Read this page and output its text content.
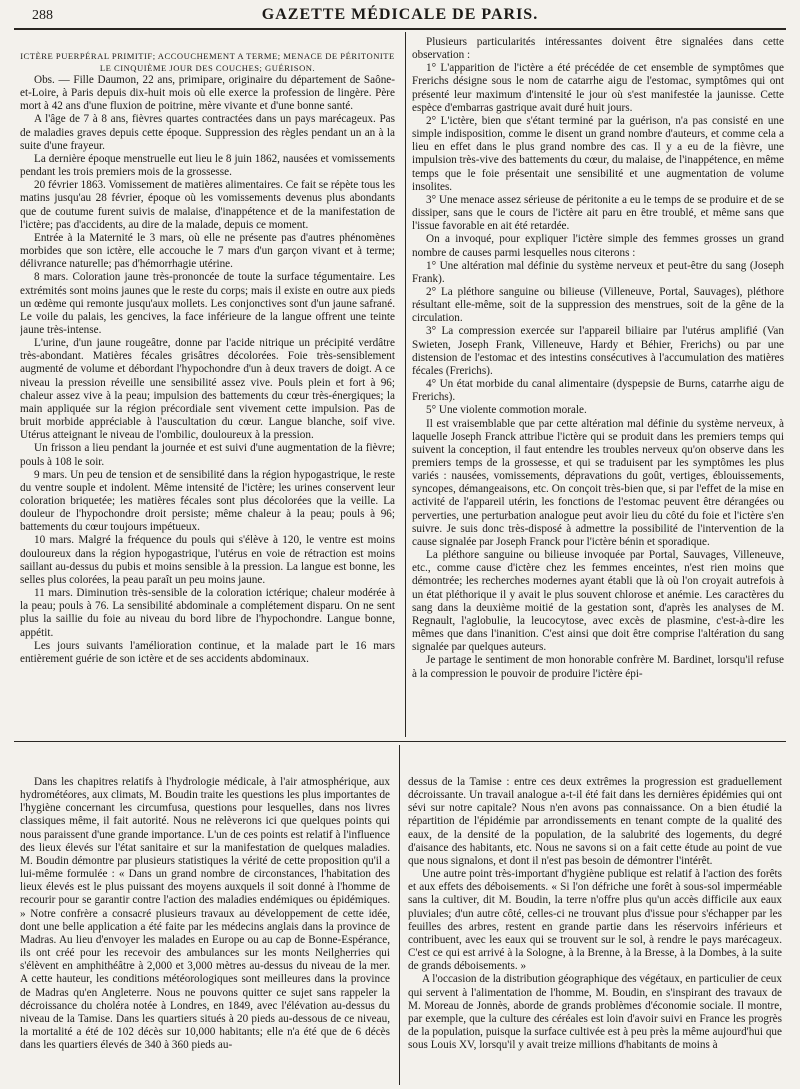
288	GAZETTE MÉDICALE DE PARIS.

ICTÈRE PUERPÉRAL PRIMITIF; ACCOUCHEMENT A TERME; MENACE DE PÉRITONITE LE CINQUIÈME JOUR DES COUCHES; GUÉRISON.

Obs. — Fille Daumon, 22 ans, primipare, originaire du département de Saône-et-Loire, à Paris depuis dix-huit mois où elle exerce la profession de lingère. Père mort à 42 ans d'une fluxion de poitrine, mère vivante et d'une bonne santé.

A l'âge de 7 à 8 ans, fièvres quartes contractées dans un pays marécageux. Pas de maladies graves depuis cette époque. Suppression des règles pendant un an à la suite d'une frayeur.

La dernière époque menstruelle eut lieu le 8 juin 1862, nausées et vomissements pendant les trois premiers mois de la grossesse.

20 février 1863. Vomissement de matières alimentaires. Ce fait se répète tous les matins jusqu'au 28 février, époque où les vomissements devenus plus abondants que de coutume furent suivis de malaise, d'inappétence et de la manifestation de l'ictère; pas d'accidents, au dire de la malade, depuis ce moment.

Entrée à la Maternité le 3 mars, où elle ne présente pas d'autres phénomènes morbides que son ictère, elle accouche le 7 mars d'un garçon vivant et à terme; délivrance naturelle; pas d'hémorrhagie utérine.

8 mars. Coloration jaune très-prononcée de toute la surface tégumentaire. Les extrémités sont moins jaunes que le reste du corps; mais il existe en outre aux pieds un œdème qui remonte jusqu'aux mollets. Les conjonctives sont d'un jaune safrané. Le voile du palais, les gencives, la face inférieure de la langue offrent une teinte jaune très-intense.

L'urine, d'un jaune rougeâtre, donne par l'acide nitrique un précipité verdâtre très-abondant. Matières fécales grisâtres décolorées. Foie très-sensiblement augmenté de volume et débordant l'hypochondre d'un à deux travers de doigt. A ce niveau la pression réveille une sensibilité assez vive. Pouls plein et fort à 96; chaleur assez vive à la peau; impulsion des battements du cœur très-énergiques; la main appliquée sur la région précordiale sent vivement cette impulsion. Pas de bruit morbide appréciable à l'auscultation du cœur. Langue blanche, soif vive. Utérus atteignant le niveau de l'ombilic, douloureux à la pression.

Un frisson a lieu pendant la journée et est suivi d'une augmentation de la fièvre; pouls à 108 le soir.

9 mars. Un peu de tension et de sensibilité dans la région hypogastrique, le reste du ventre souple et indolent. Même intensité de l'ictère; les urines conservent leur coloration briquetée; les matières fécales sont plus décolorées que la veille. La douleur de l'hypochondre droit persiste; même chaleur à la peau; pouls à 96; battements du cœur toujours impétueux.

10 mars. Malgré la fréquence du pouls qui s'élève à 120, le ventre est moins douloureux dans la région hypogastrique, l'utérus en voie de rétraction est moins saillant au-dessus du pubis et moins sensible à la pression. La langue est bonne, les selles plus colorées, la peau paraît un peu moins jaune.

11 mars. Diminution très-sensible de la coloration ictérique; chaleur modérée à la peau; pouls à 76. La sensibilité abdominale a complétement disparu. On ne sent plus la saillie du foie au niveau du bord libre de l'hypochondre. Langue bonne, appétit.

Les jours suivants l'amélioration continue, et la malade part le 16 mars entièrement guérie de son ictère et de ses accidents abdominaux.

Plusieurs particularités intéressantes doivent être signalées dans cette observation :

1° L'apparition de l'ictère a été précédée de cet ensemble de symptômes que Frerichs désigne sous le nom de catarrhe aigu de l'estomac, symptômes qui ont présenté leur maximum d'intensité le jour où s'est manifestée la jaunisse. Cette espèce d'embarras gastrique avait duré huit jours.

2° L'ictère, bien que s'étant terminé par la guérison, n'a pas consisté en une simple indisposition, comme le disent un grand nombre d'auteurs, et comme cela a lieu en effet dans le plus grand nombre des cas. Il y a eu de la fièvre, une impulsion très-vive des battements du cœur, du malaise, de l'inappétence, en même temps que le foie présentait une sensibilité et une augmentation de volume insolites.

3° Une menace assez sérieuse de péritonite a eu le temps de se produire et de se dissiper, sans que le cours de l'ictère ait paru en être troublé, et même sans que l'issue favorable en ait été retardée.

On a invoqué, pour expliquer l'ictère simple des femmes grosses un grand nombre de causes parmi lesquelles nous citerons :

1° Une altération mal définie du système nerveux et peut-être du sang (Joseph Frank).

2° La pléthore sanguine ou bilieuse (Villeneuve, Portal, Sauvages), pléthore résultant elle-même, soit de la suppression des menstrues, soit de la gêne de la circulation.

3° La compression exercée sur l'appareil biliaire par l'utérus amplifié (Van Swieten, Joseph Frank, Villeneuve, Hardy et Béhier, Frerichs) ou par une distension de l'estomac et des intestins consécutives à l'accumulation des matières fécales (Frerichs).

4° Un état morbide du canal alimentaire (dyspepsie de Burns, catarrhe aigu de Frerichs).

5° Une violente commotion morale.

Il est vraisemblable que par cette altération mal définie du système nerveux, à laquelle Joseph Franck attribue l'ictère qui se produit dans les premiers temps qui suivent la conception, il faut entendre les troubles nerveux qu'on observe dans les premiers temps de la grossesse, et qui se traduisent par les symptômes les plus variés : nausées, vomissements, dépravations du goût, vertiges, éblouissements, syncopes, démangeaisons, etc. On conçoit très-bien que, si par l'effet de la mise en activité de l'appareil utérin, les fonctions de l'estomac peuvent être dérangées ou perverties, une perturbation analogue peut avoir lieu du côté du foie et l'ictère s'en suivre. Je suis donc très-disposé à admettre la possibilité de l'intervention de la cause signalée par Joseph Franck pour l'ictère bénin et sporadique.

La pléthore sanguine ou bilieuse invoquée par Portal, Sauvages, Villeneuve, etc., comme cause d'ictère chez les femmes enceintes, n'est rien moins que démontrée; les recherches modernes ayant établi que là où l'on croyait autrefois à un état pléthorique il y avait le plus souvent chlorose et anémie. Les caractères du sang dans la deuxième moitié de la gestation sont, d'après les analyses de M. Regnault, l'aglobulie, la leucocytose, avec excès de plasmine, c'est-à-dire les mêmes que dans l'inanition. C'est ainsi que doit être comprise l'altération du sang signalée par quelques auteurs.

Je partage le sentiment de mon honorable confrère M. Bardinet, lorsqu'il refuse à la compression le pouvoir de produire l'ictère épi-

Dans les chapitres relatifs à l'hydrologie médicale, à l'air atmosphérique, aux hydrométéores, aux climats, M. Boudin traite les questions les plus importantes de l'hygiène concernant les circumfusa, questions pour lesquelles, dans nos livres classiques même, il fait autorité. Nous ne relèverons ici que quelques points qui nous paraissent d'une grande importance. L'un de ces points est relatif à l'influence des lieux élevés sur l'état sanitaire et sur la manifestation de quelques maladies. M. Boudin démontre par plusieurs statistiques la vérité de cette proposition qu'il a lui-même formulée : « Dans un grand nombre de circonstances, l'habitation des lieux élevés est le plus puissant des moyens auxquels il soit donné à l'homme de recourir pour se garantir contre l'action des maladies endémiques ou épidémiques. » Notre confrère a consacré plusieurs travaux au développement de cette idée, dont une belle application a été faite par les médecins anglais dans la province de Madras. Au lieu d'envoyer les malades en Europe ou au cap de Bonne-Espérance, ils ont créé pour les recevoir des ambulances sur les monts Neilgherries qui s'élèvent en amphithéâtre à 2,000 et 3,000 mètres au-dessus du niveau de la mer. A cette hauteur, les conditions météorologiques sont meilleures dans la province de Madras qu'en Angleterre. Nous ne pouvons quitter ce sujet sans rappeler la décroissance du choléra notée à Londres, en 1849, avec l'élévation au-dessus du niveau de la Tamise. Dans les quartiers situés à 20 pieds au-dessous de ce niveau, la mortalité a été de 102 décès sur 10,000 habitants; elle n'a été que de 6 décès dans les quartiers élevés de 340 à 360 pieds au-

dessus de la Tamise : entre ces deux extrêmes la progression est graduellement décroissante. Un travail analogue a-t-il été fait dans les dernières épidémies qui ont sévi sur notre capitale? Nous n'en avons pas connaissance. On a bien étudié la répartition de l'épidémie par arrondissements en tenant compte de la qualité des eaux, de la densité de la population, de la salubrité des logements, du degré d'aisance des habitants, etc. Nous ne savons si on a fait cette étude au point de vue que nous signalons, et dont il n'est pas besoin de démontrer l'intérêt.

Une autre point très-important d'hygiène publique est relatif à l'action des forêts et aux effets des déboisements. « Si l'on défriche une forêt à sous-sol imperméable sans la cultiver, dit M. Boudin, la terre n'offre plus qu'un accès difficile aux eaux pluviales; d'un autre côté, celles-ci ne trouvant plus d'issue pour s'échapper par les feuilles des arbres, restent en grande partie dans les réservoirs inférieurs et contribuent, avec les eaux qui se trouvent sur le sol, à rendre le pays marécageux. C'est ce qui est arrivé à la Sologne, à la Brenne, à la Bresse, à la Dombes, à la suite de grands déboisements. »

A l'occasion de la distribution géographique des végétaux, en particulier de ceux qui servent à l'alimentation de l'homme, M. Boudin, en s'inspirant des travaux de M. Moreau de Jonnès, aborde de grands problèmes d'économie sociale. Il montre, par exemple, que la culture des céréales est loin d'avoir suivi en France les progrès de la population, puisque la surface cultivée est à peu près la même aujourd'hui que sous Louis XV, lorsqu'il y avait treize millions d'habitants de moins à
